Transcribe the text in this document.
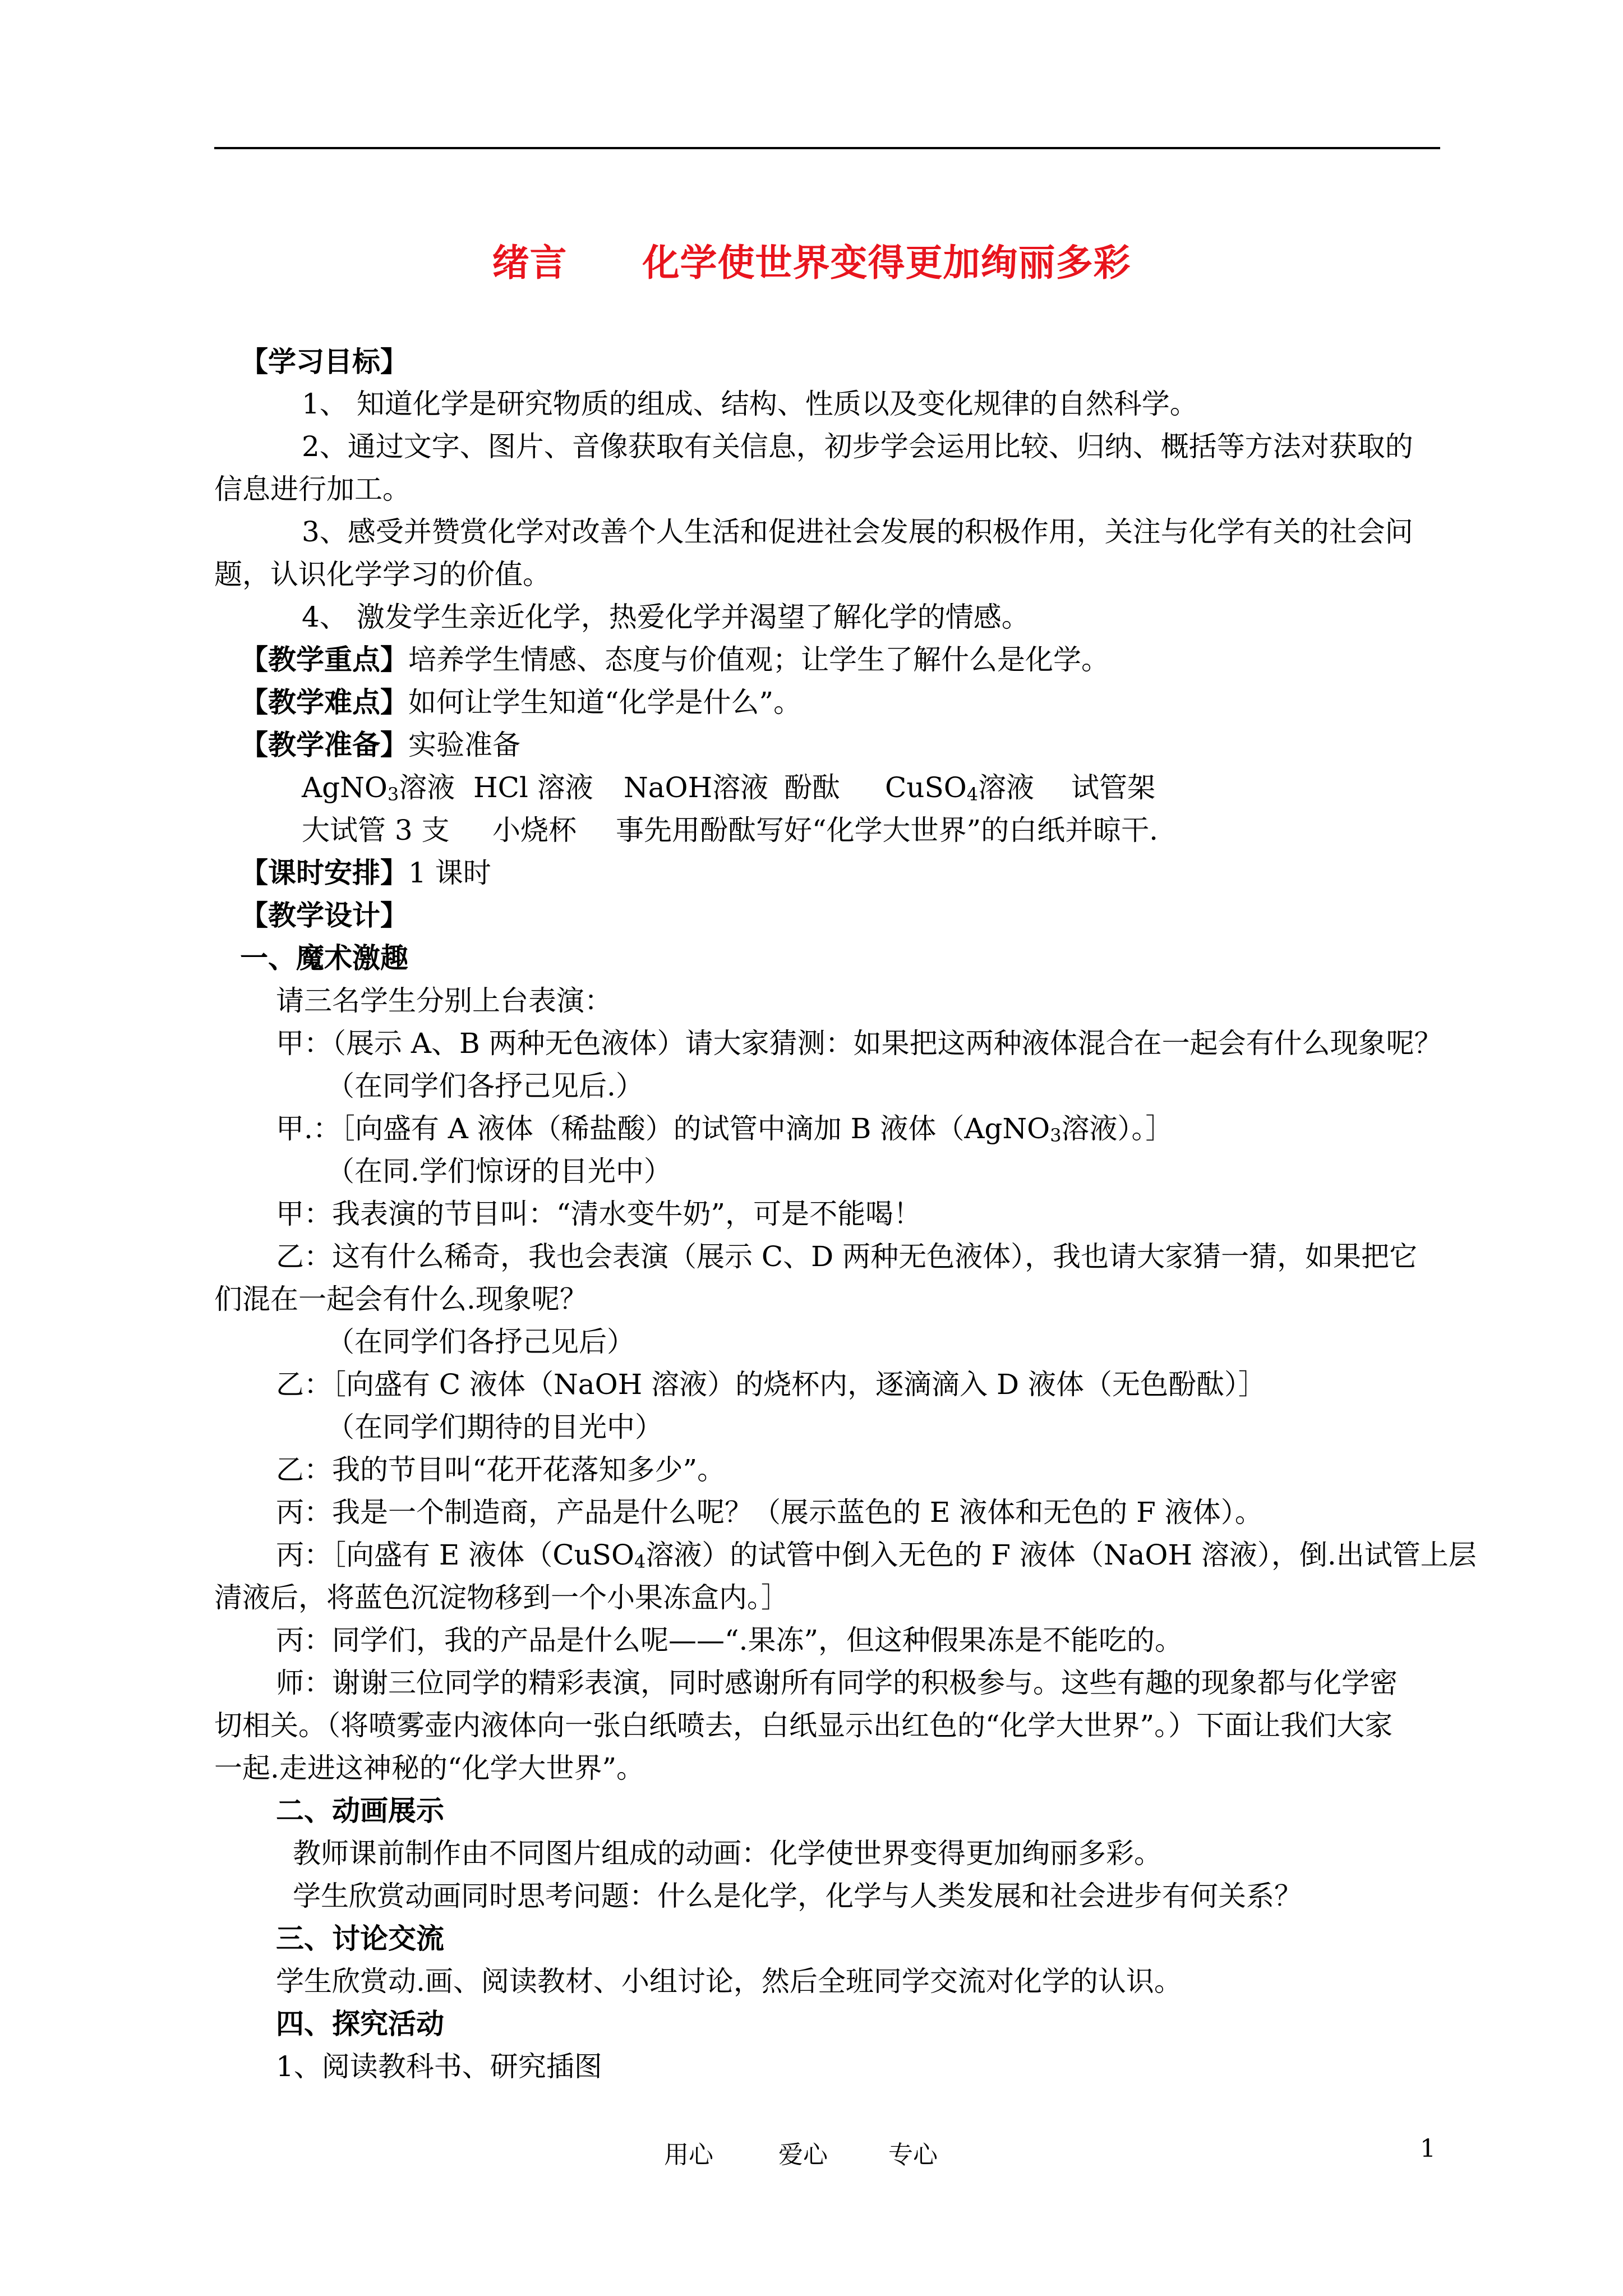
绪言　　化学使世界变得更加绚丽多彩
【学习目标】
1、 知道化学是研究物质的组成、结构、性质以及变化规律的自然科学。
2、通过文字、图片、音像获取有关信息，初步学会运用比较、归纳、概括等方法对获取的
信息进行加工。
3、感受并赞赏化学对改善个人生活和促进社会发展的积极作用，关注与化学有关的社会问
题，认识化学学习的价值。
4、 激发学生亲近化学，热爱化学并渴望了解化学的情感。
【教学重点】培养学生情感、态度与价值观；让学生了解什么是化学。
【教学难点】如何让学生知道“化学是什么”。
【教学准备】实验准备
AgNO$_3$溶液 HCl 溶液 NaOH溶液 酚酞 CuSO$_4$溶液 试管架
大试管 3 支 小烧杯 事先用酚酞写好“化学大世界”的白纸并晾干.
【课时安排】1 课时
【教学设计】
一、魔术激趣
请三名学生分别上台表演：
甲：（展示 A、B 两种无色液体）请大家猜测：如果把这两种液体混合在一起会有什么现象呢？
（在同学们各抒己见后.）
甲.：［向盛有 A 液体（稀盐酸）的试管中滴加 B 液体（AgNO$_3$溶液）。］
（在同.学们惊讶的目光中）
甲：我表演的节目叫：“清水变牛奶”，可是不能喝！
乙：这有什么稀奇，我也会表演（展示 C、D 两种无色液体），我也请大家猜一猜，如果把它
们混在一起会有什么.现象呢？
（在同学们各抒己见后）
乙：［向盛有 C 液体（NaOH 溶液）的烧杯内，逐滴滴入 D 液体（无色酚酞）］
（在同学们期待的目光中）
乙：我的节目叫“花开花落知多少”。
丙：我是一个制造商，产品是什么呢？（展示蓝色的 E 液体和无色的 F 液体）。
丙：［向盛有 E 液体（CuSO$_4$溶液）的试管中倒入无色的 F 液体（NaOH 溶液），倒.出试管上层
清液后，将蓝色沉淀物移到一个小果冻盒内。］
丙：同学们，我的产品是什么呢——“.果冻”，但这种假果冻是不能吃的。
师：谢谢三位同学的精彩表演，同时感谢所有同学的积极参与。这些有趣的现象都与化学密
切相关。（将喷雾壶内液体向一张白纸喷去，白纸显示出红色的“化学大世界”。）下面让我们大家
一起.走进这神秘的“化学大世界”。
二、动画展示
教师课前制作由不同图片组成的动画：化学使世界变得更加绚丽多彩。
学生欣赏动画同时思考问题：什么是化学，化学与人类发展和社会进步有何关系？
三、讨论交流
学生欣赏动.画、阅读教材、小组讨论，然后全班同学交流对化学的认识。
四、探究活动
1、阅读教科书、研究插图
用心	爱心 专心	1
